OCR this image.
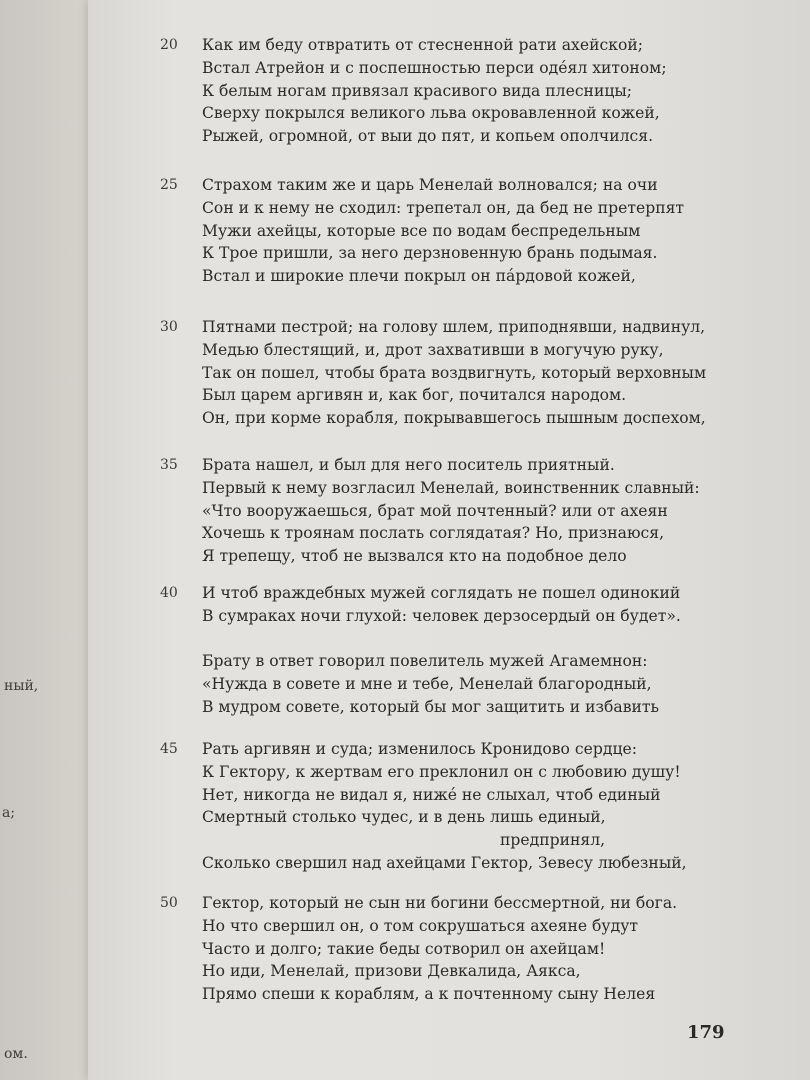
ный,
а;
ом.
20 Как им беду отвратить от стесненной рати ахейской;
Встал Атрейон и с поспешностью перси одéял хитоном;
К белым ногам привязал красивого вида плесницы;
Сверху покрылся великого льва окровавленной кожей,
Рыжей, огромной, от выи до пят, и копьем ополчился.
25 Страхом таким же и царь Менелай волновался; на очи
Сон и к нему не сходил: трепетал он, да бед не претерпят
Мужи ахейцы, которые все по водам беспредельным
К Трое пришли, за него дерзновенную брань подымая.
Встал и широкие плечи покрыл он пáрдовой кожей,
30 Пятнами пестрой; на голову шлем, приподнявши, надвинул,
Медью блестящий, и, дрот захвативши в могучую руку,
Так он пошел, чтобы брата воздвигнуть, который верховным
Был царем аргивян и, как бог, почитался народом.
Он, при корме корабля, покрывавшегось пышным доспехом,
35 Брата нашел, и был для него поситель приятный.
Первый к нему возгласил Менелай, воинственник славный:
«Что вооружаешься, брат мой почтенный? или от ахеян
Хочешь к троянам послать соглядатая? Но, признаюся,
Я трепещу, чтоб не вызвался кто на подобное дело
40 И чтоб враждебных мужей соглядать не пошел одинокий
В сумраках ночи глухой: человек дерзосердый он будет».
Брату в ответ говорил повелитель мужей Агамемнон:
«Нужда в совете и мне и тебе, Менелай благородный,
В мудром совете, который бы мог защитить и избавить
45 Рать аргивян и суда; изменилось Кронидово сердце:
К Гектору, к жертвам его преклонил он с любовию душу!
Нет, никогда не видал я, нижé не слыхал, чтоб единый
Смертный столько чудес, и в день лишь единый,
предпринял,
Сколько свершил над ахейцами Гектор, Зевесу любезный,
50 Гектор, который не сын ни богини бессмертной, ни бога.
Но что свершил он, о том сокрушаться ахеяне будут
Часто и долго; такие беды сотворил он ахейцам!
Но иди, Менелай, призови Девкалида, Аякса,
Прямо спеши к кораблям, а к почтенному сыну Нелея
179
